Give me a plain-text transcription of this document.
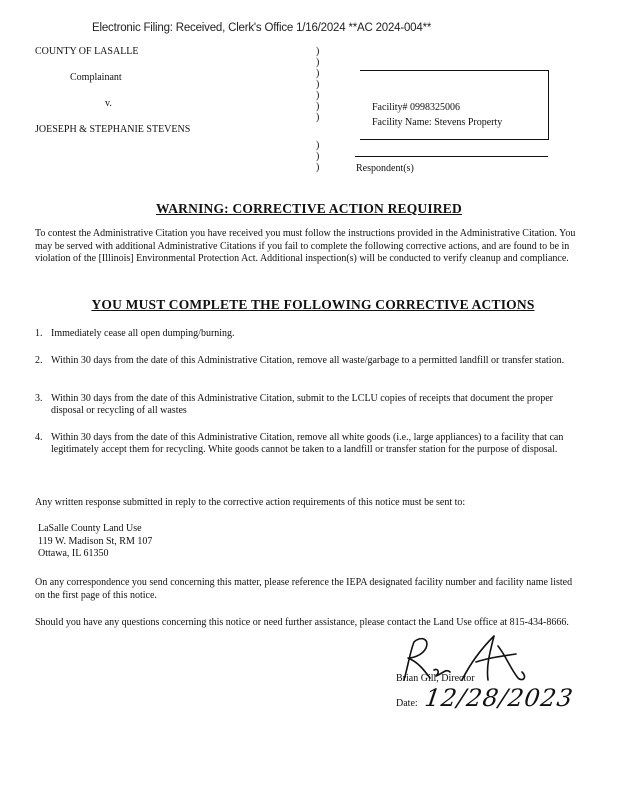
Electronic Filing: Received, Clerk's Office 1/16/2024 **AC 2024-004**
COUNTY OF LASALLE
Complainant
v.
JOESEPH & STEPHANIE STEVENS
)
)
)
)
)
)
)
)
)
)
Facility# 0998325006
Facility Name: Stevens Property
Respondent(s)
WARNING: CORRECTIVE ACTION REQUIRED
To contest the Administrative Citation you have received you must follow the instructions provided in the Administrative Citation. You may be served with additional Administrative Citations if you fail to complete the following corrective actions, and are found to be in violation of the [Illinois] Environmental Protection Act. Additional inspection(s) will be conducted to verify cleanup and compliance.
YOU MUST COMPLETE THE FOLLOWING CORRECTIVE ACTIONS
1. Immediately cease all open dumping/burning.
2. Within 30 days from the date of this Administrative Citation, remove all waste/garbage to a permitted landfill or transfer station.
3. Within 30 days from the date of this Administrative Citation, submit to the LCLU copies of receipts that document the proper disposal or recycling of all wastes
4. Within 30 days from the date of this Administrative Citation, remove all white goods (i.e., large appliances) to a facility that can legitimately accept them for recycling. White goods cannot be taken to a landfill or transfer station for the purpose of disposal.
Any written response submitted in reply to the corrective action requirements of this notice must be sent to:
LaSalle County Land Use
119 W. Madison St, RM 107
Ottawa, IL 61350
On any correspondence you send concerning this matter, please reference the IEPA designated facility number and facility name listed on the first page of this notice.
Should you have any questions concerning this notice or need further assistance, please contact the Land Use office at 815-434-8666.
Brian Gill, Director
Date: 12/28/2023
